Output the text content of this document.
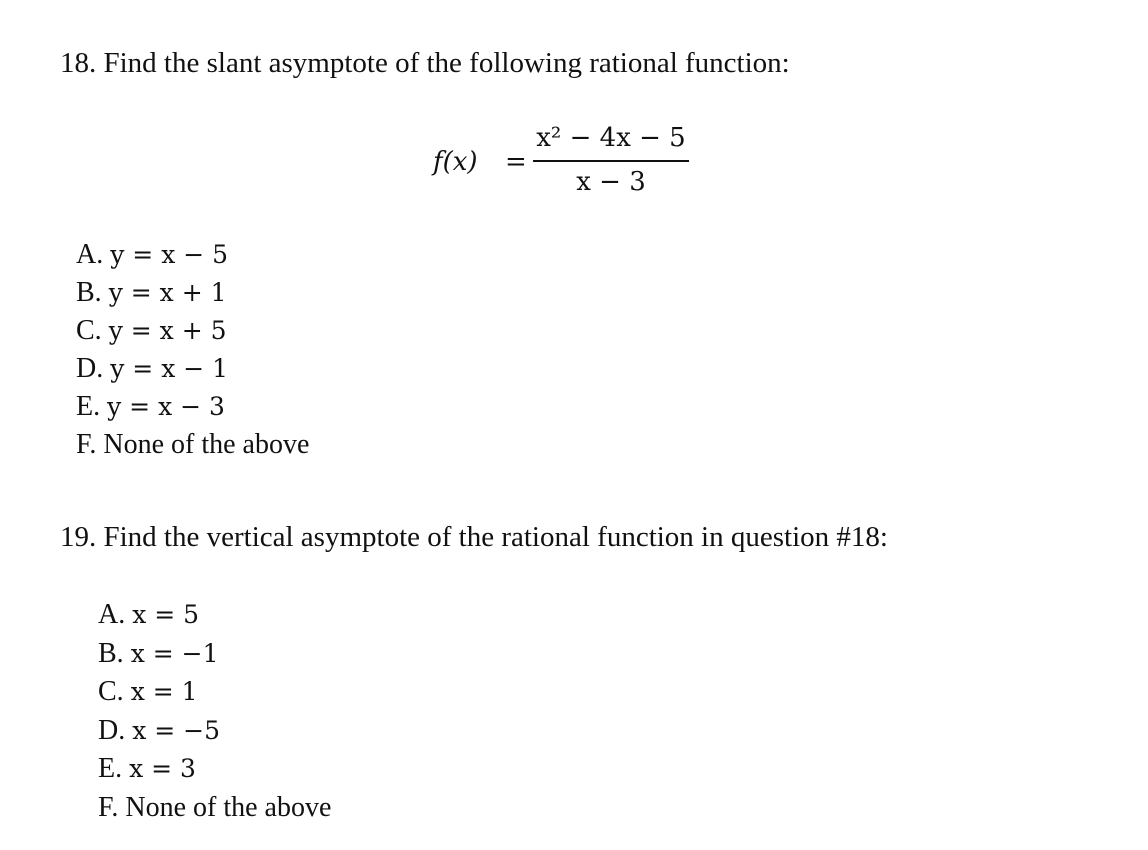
18. Find the slant asymptote of the following rational function:
f(x) =
x² − 4x − 5
x − 3
A. y = x − 5
B. y = x + 1
C. y = x + 5
D. y = x − 1
E. y = x − 3
F. None of the above
19. Find the vertical asymptote of the rational function in question #18:
A. x = 5
B. x = −1
C. x = 1
D. x = −5
E. x = 3
F. None of the above
